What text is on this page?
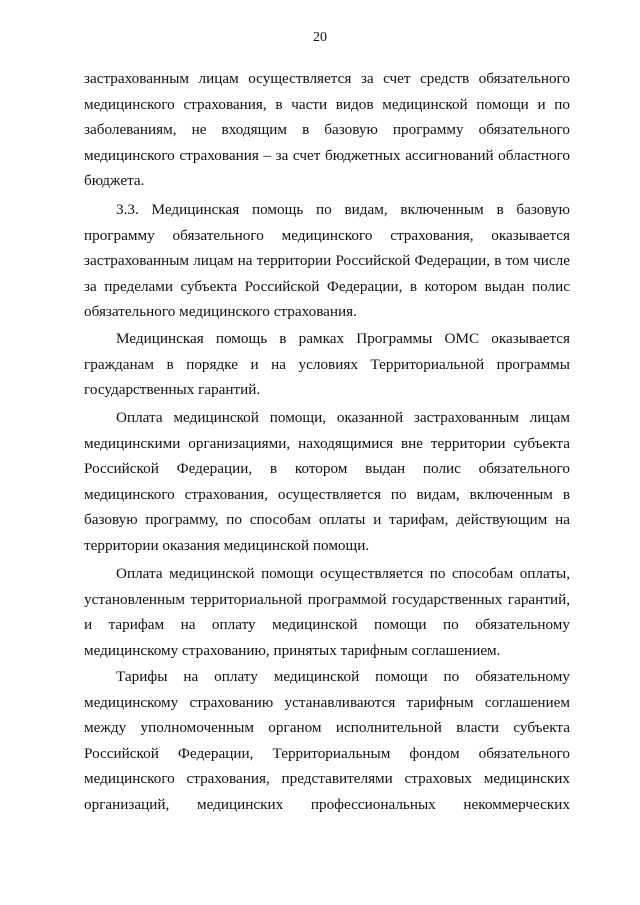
20
застрахованным лицам осуществляется за счет средств обязательного
медицинского страхования, в части видов медицинской помощи и по
заболеваниям, не входящим в базовую программу обязательного
медицинского страхования – за счет бюджетных ассигнований областного
бюджета.
3.3. Медицинская помощь по видам, включенным в базовую
программу обязательного медицинского страхования, оказывается
застрахованным лицам на территории Российской Федерации, в том числе
за пределами субъекта Российской Федерации, в котором выдан полис
обязательного медицинского страхования.
Медицинская помощь в рамках Программы ОМС оказывается
гражданам в порядке и на условиях Территориальной программы
государственных гарантий.
Оплата медицинской помощи, оказанной застрахованным лицам
медицинскими организациями, находящимися вне территории субъекта
Российской Федерации, в котором выдан полис обязательного
медицинского страхования, осуществляется по видам, включенным в
базовую программу, по способам оплаты и тарифам, действующим на
территории оказания медицинской помощи.
Оплата медицинской помощи осуществляется по способам оплаты,
установленным территориальной программой государственных гарантий,
и тарифам на оплату медицинской помощи по обязательному
медицинскому страхованию, принятых тарифным соглашением.
Тарифы на оплату медицинской помощи по обязательному
медицинскому страхованию устанавливаются тарифным соглашением
между уполномоченным органом исполнительной власти субъекта
Российской Федерации, Территориальным фондом обязательного
медицинского страхования, представителями страховых медицинских
организаций, медицинских профессиональных некоммерческих
